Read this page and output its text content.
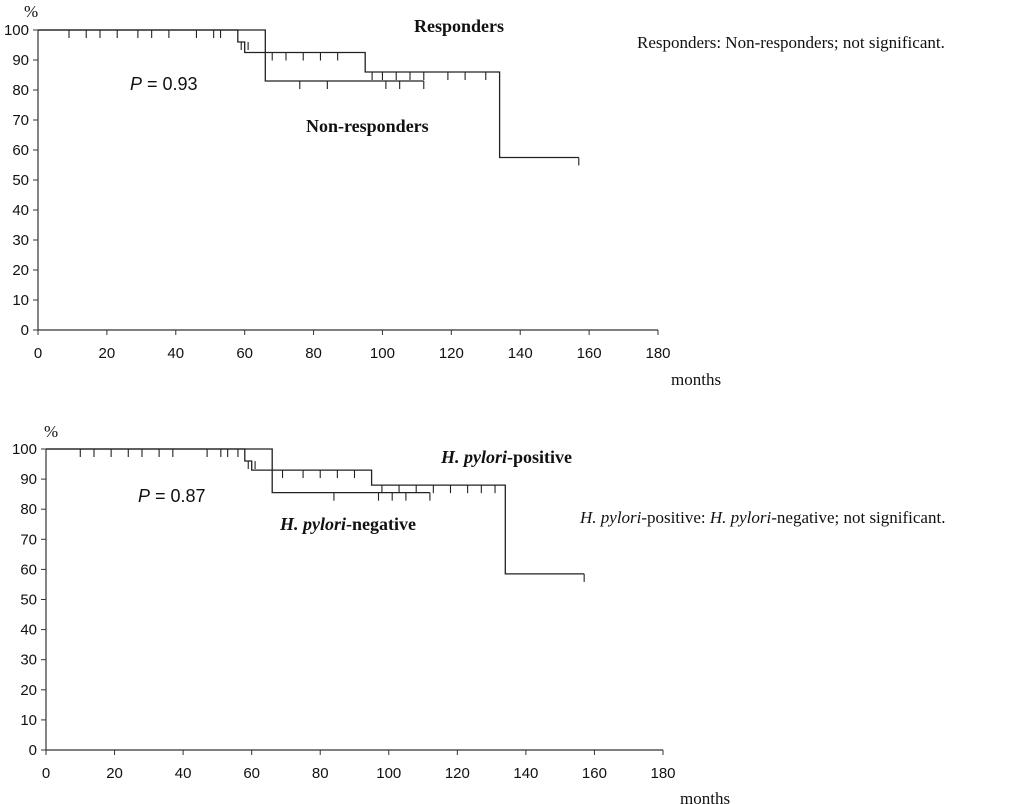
%
0
10
20
30
40
50
60
70
80
90
100
0	20	40	60	80	100	120	140	160	180
months
P = 0.93
Responders
Non-responders
Responders: Non-responders; not significant.
%
0
10
20
30
40
50
60
70
80
90
100
0	20	40	60	80	100	120	140	160	180
months
P = 0.87
H. pylori-positive
H. pylori-negative	H. pylori-positive: H. pylori-negative; not significant.
